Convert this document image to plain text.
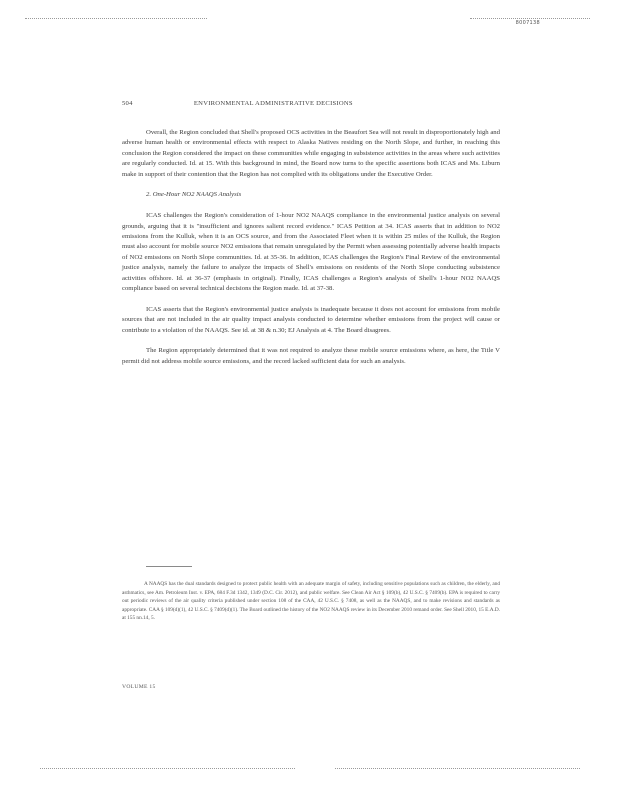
8007138
504	ENVIRONMENTAL ADMINISTRATIVE DECISIONS

Overall, the Region concluded that Shell's proposed OCS activities in the Beaufort Sea will not result in disproportionately high and adverse human health or environmental effects with respect to Alaska Natives residing on the North Slope, and further, in reaching this conclusion the Region considered the impact on these communities while engaging in subsistence activities in the areas where such activities are regularly conducted. Id. at 15. With this background in mind, the Board now turns to the specific assertions both ICAS and Ms. Liburn make in support of their contention that the Region has not complied with its obligations under the Executive Order.

2. One-Hour NO2 NAAQS Analysis

ICAS challenges the Region's consideration of 1-hour NO2 NAAQS compliance in the environmental justice analysis on several grounds, arguing that it is "insufficient and ignores salient record evidence." ICAS Petition at 34. ICAS asserts that in addition to NO2 emissions from the Kulluk, when it is an OCS source, and from the Associated Fleet when it is within 25 miles of the Kulluk, the Region must also account for mobile source NO2 emissions that remain unregulated by the Permit when assessing potentially adverse health impacts of NO2 emissions on North Slope communities. Id. at 35-36. In addition, ICAS challenges the Region's Final Review of the environmental justice analysis, namely the failure to analyze the impacts of Shell's emissions on residents of the North Slope conducting subsistence activities offshore. Id. at 36-37 (emphasis in original). Finally, ICAS challenges a Region's analysis of Shell's 1-hour NO2 NAAQS compliance based on several technical decisions the Region made. Id. at 37-38.

ICAS asserts that the Region's environmental justice analysis is inadequate because it does not account for emissions from mobile sources that are not included in the air quality impact analysis conducted to determine whether emissions from the project will cause or contribute to a violation of the NAAQS. See id. at 38 & n.30; EJ Analysis at 4. The Board disagrees.

The Region appropriately determined that it was not required to analyze these mobile source emissions where, as here, the Title V permit did not address mobile source emissions, and the record lacked sufficient data for such an analysis.

A NAAQS has the dual standards designed to protect public health with an adequate margin of safety, including sensitive populations such as children, the elderly, and asthmatics, see Am. Petroleum Inst. v. EPA, 684 F.3d 1342, 1349 (D.C. Cir. 2012), and public welfare. See Clean Air Act § 109(b), 42 U.S.C. § 7409(b). EPA is required to carry out periodic reviews of the air quality criteria published under section 108 of the CAA, 42 U.S.C. § 7408, as well as the NAAQS, and to make revisions and standards as appropriate. CAA § 109(d)(1), 42 U.S.C. § 7409(d)(1). The Board outlined the history of the NO2 NAAQS review in its December 2010 remand order. See Shell 2010, 15 E.A.D. at 155 nn.14, 5.
VOLUME 15
